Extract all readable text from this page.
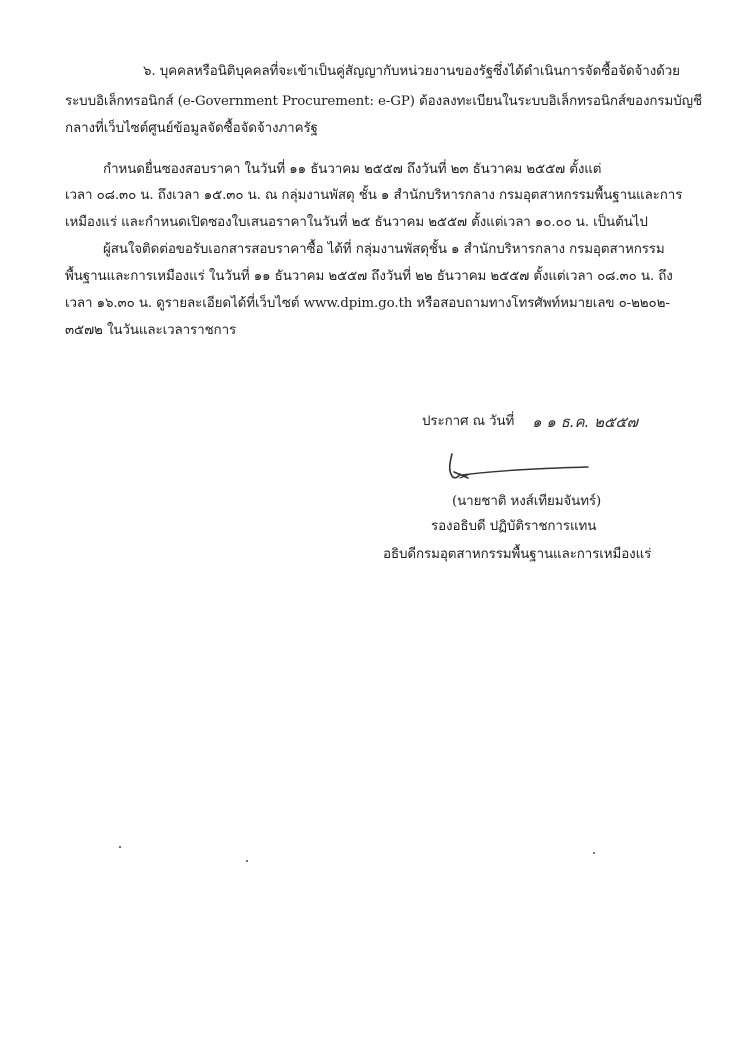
๖. บุคคลหรือนิติบุคคลที่จะเข้าเป็นคู่สัญญากับหน่วยงานของรัฐซึ่งได้ดำเนินการจัดซื้อจัดจ้างด้วย
ระบบอิเล็กทรอนิกส์ (e-Government Procurement: e-GP) ต้องลงทะเบียนในระบบอิเล็กทรอนิกส์ของกรมบัญชี
กลางที่เว็บไซต์ศูนย์ข้อมูลจัดซื้อจัดจ้างภาครัฐ
กำหนดยื่นซองสอบราคา ในวันที่ ๑๑ ธันวาคม ๒๕๕๗ ถึงวันที่ ๒๓ ธันวาคม ๒๕๕๗ ตั้งแต่
เวลา ๐๘.๓๐ น. ถึงเวลา ๑๕.๓๐ น. ณ กลุ่มงานพัสดุ ชั้น ๑ สำนักบริหารกลาง กรมอุตสาหกรรมพื้นฐานและการ
เหมืองแร่ และกำหนดเปิดซองใบเสนอราคาในวันที่ ๒๕ ธันวาคม ๒๕๕๗ ตั้งแต่เวลา ๑๐.๐๐ น. เป็นต้นไป
ผู้สนใจติดต่อขอรับเอกสารสอบราคาซื้อ ได้ที่ กลุ่มงานพัสดุชั้น ๑ สำนักบริหารกลาง กรมอุตสาหกรรม
พื้นฐานและการเหมืองแร่ ในวันที่ ๑๑ ธันวาคม ๒๕๕๗ ถึงวันที่ ๒๒ ธันวาคม ๒๕๕๗ ตั้งแต่เวลา ๐๘.๓๐ น. ถึง
เวลา ๑๖.๓๐ น. ดูรายละเอียดได้ที่เว็บไซต์ www.dpim.go.th หรือสอบถามทางโทรศัพท์หมายเลข ๐-๒๒๐๒-
๓๕๗๒ ในวันและเวลาราชการ
ประกาศ ณ วันที่ ๑ ๑ ธ.ค. ๒๕๕๗
(นายชาติ หงส์เทียมจันทร์)
รองอธิบดี ปฏิบัติราชการแทน
อธิบดีกรมอุตสาหกรรมพื้นฐานและการเหมืองแร่
